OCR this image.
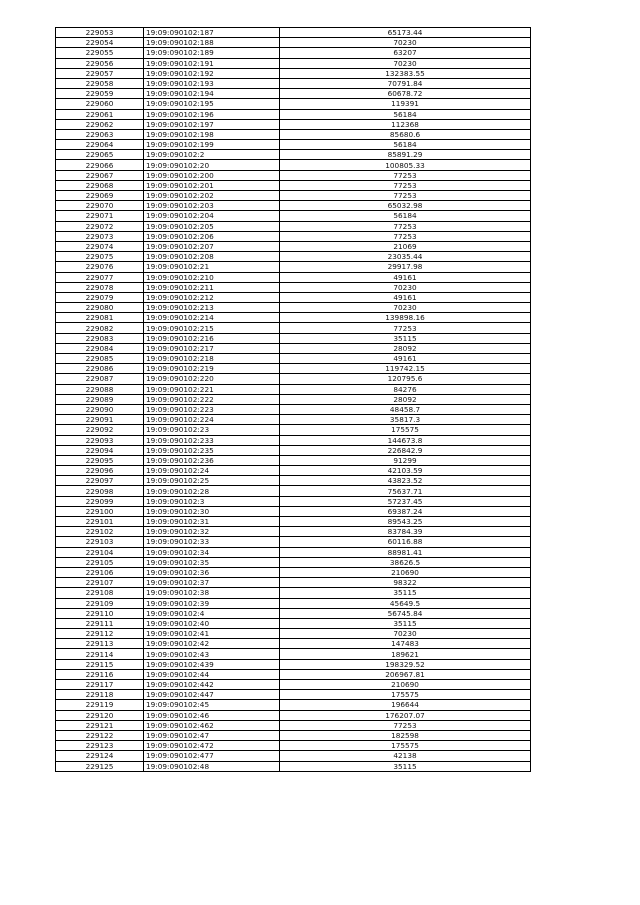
229053	19:09:090102:187	65173.44
229054	19:09:090102:188	70230
229055	19:09:090102:189	63207
229056	19:09:090102:191	70230
229057	19:09:090102:192	132383.55
229058	19:09:090102:193	70791.84
229059	19:09:090102:194	60678.72
229060	19:09:090102:195	119391
229061	19:09:090102:196	56184
229062	19:09:090102:197	112368
229063	19:09:090102:198	85680.6
229064	19:09:090102:199	56184
229065	19:09:090102:2	85891.29
229066	19:09:090102:20	100805.33
229067	19:09:090102:200	77253
229068	19:09:090102:201	77253
229069	19:09:090102:202	77253
229070	19:09:090102:203	65032.98
229071	19:09:090102:204	56184
229072	19:09:090102:205	77253
229073	19:09:090102:206	77253
229074	19:09:090102:207	21069
229075	19:09:090102:208	23035.44
229076	19:09:090102:21	29917.98
229077	19:09:090102:210	49161
229078	19:09:090102:211	70230
229079	19:09:090102:212	49161
229080	19:09:090102:213	70230
229081	19:09:090102:214	139898.16
229082	19:09:090102:215	77253
229083	19:09:090102:216	35115
229084	19:09:090102:217	28092
229085	19:09:090102:218	49161
229086	19:09:090102:219	119742.15
229087	19:09:090102:220	120795.6
229088	19:09:090102:221	84276
229089	19:09:090102:222	28092
229090	19:09:090102:223	48458.7
229091	19:09:090102:224	35817.3
229092	19:09:090102:23	175575
229093	19:09:090102:233	144673.8
229094	19:09:090102:235	226842.9
229095	19:09:090102:236	91299
229096	19:09:090102:24	42103.59
229097	19:09:090102:25	43823.52
229098	19:09:090102:28	75637.71
229099	19:09:090102:3	57237.45
229100	19:09:090102:30	69387.24
229101	19:09:090102:31	89543.25
229102	19:09:090102:32	83784.39
229103	19:09:090102:33	60116.88
229104	19:09:090102:34	88981.41
229105	19:09:090102:35	38626.5
229106	19:09:090102:36	210690
229107	19:09:090102:37	98322
229108	19:09:090102:38	35115
229109	19:09:090102:39	45649.5
229110	19:09:090102:4	56745.84
229111	19:09:090102:40	35115
229112	19:09:090102:41	70230
229113	19:09:090102:42	147483
229114	19:09:090102:43	189621
229115	19:09:090102:439	198329.52
229116	19:09:090102:44	206967.81
229117	19:09:090102:442	210690
229118	19:09:090102:447	175575
229119	19:09:090102:45	196644
229120	19:09:090102:46	176207.07
229121	19:09:090102:462	77253
229122	19:09:090102:47	182598
229123	19:09:090102:472	175575
229124	19:09:090102:477	42138
229125	19:09:090102:48	35115
